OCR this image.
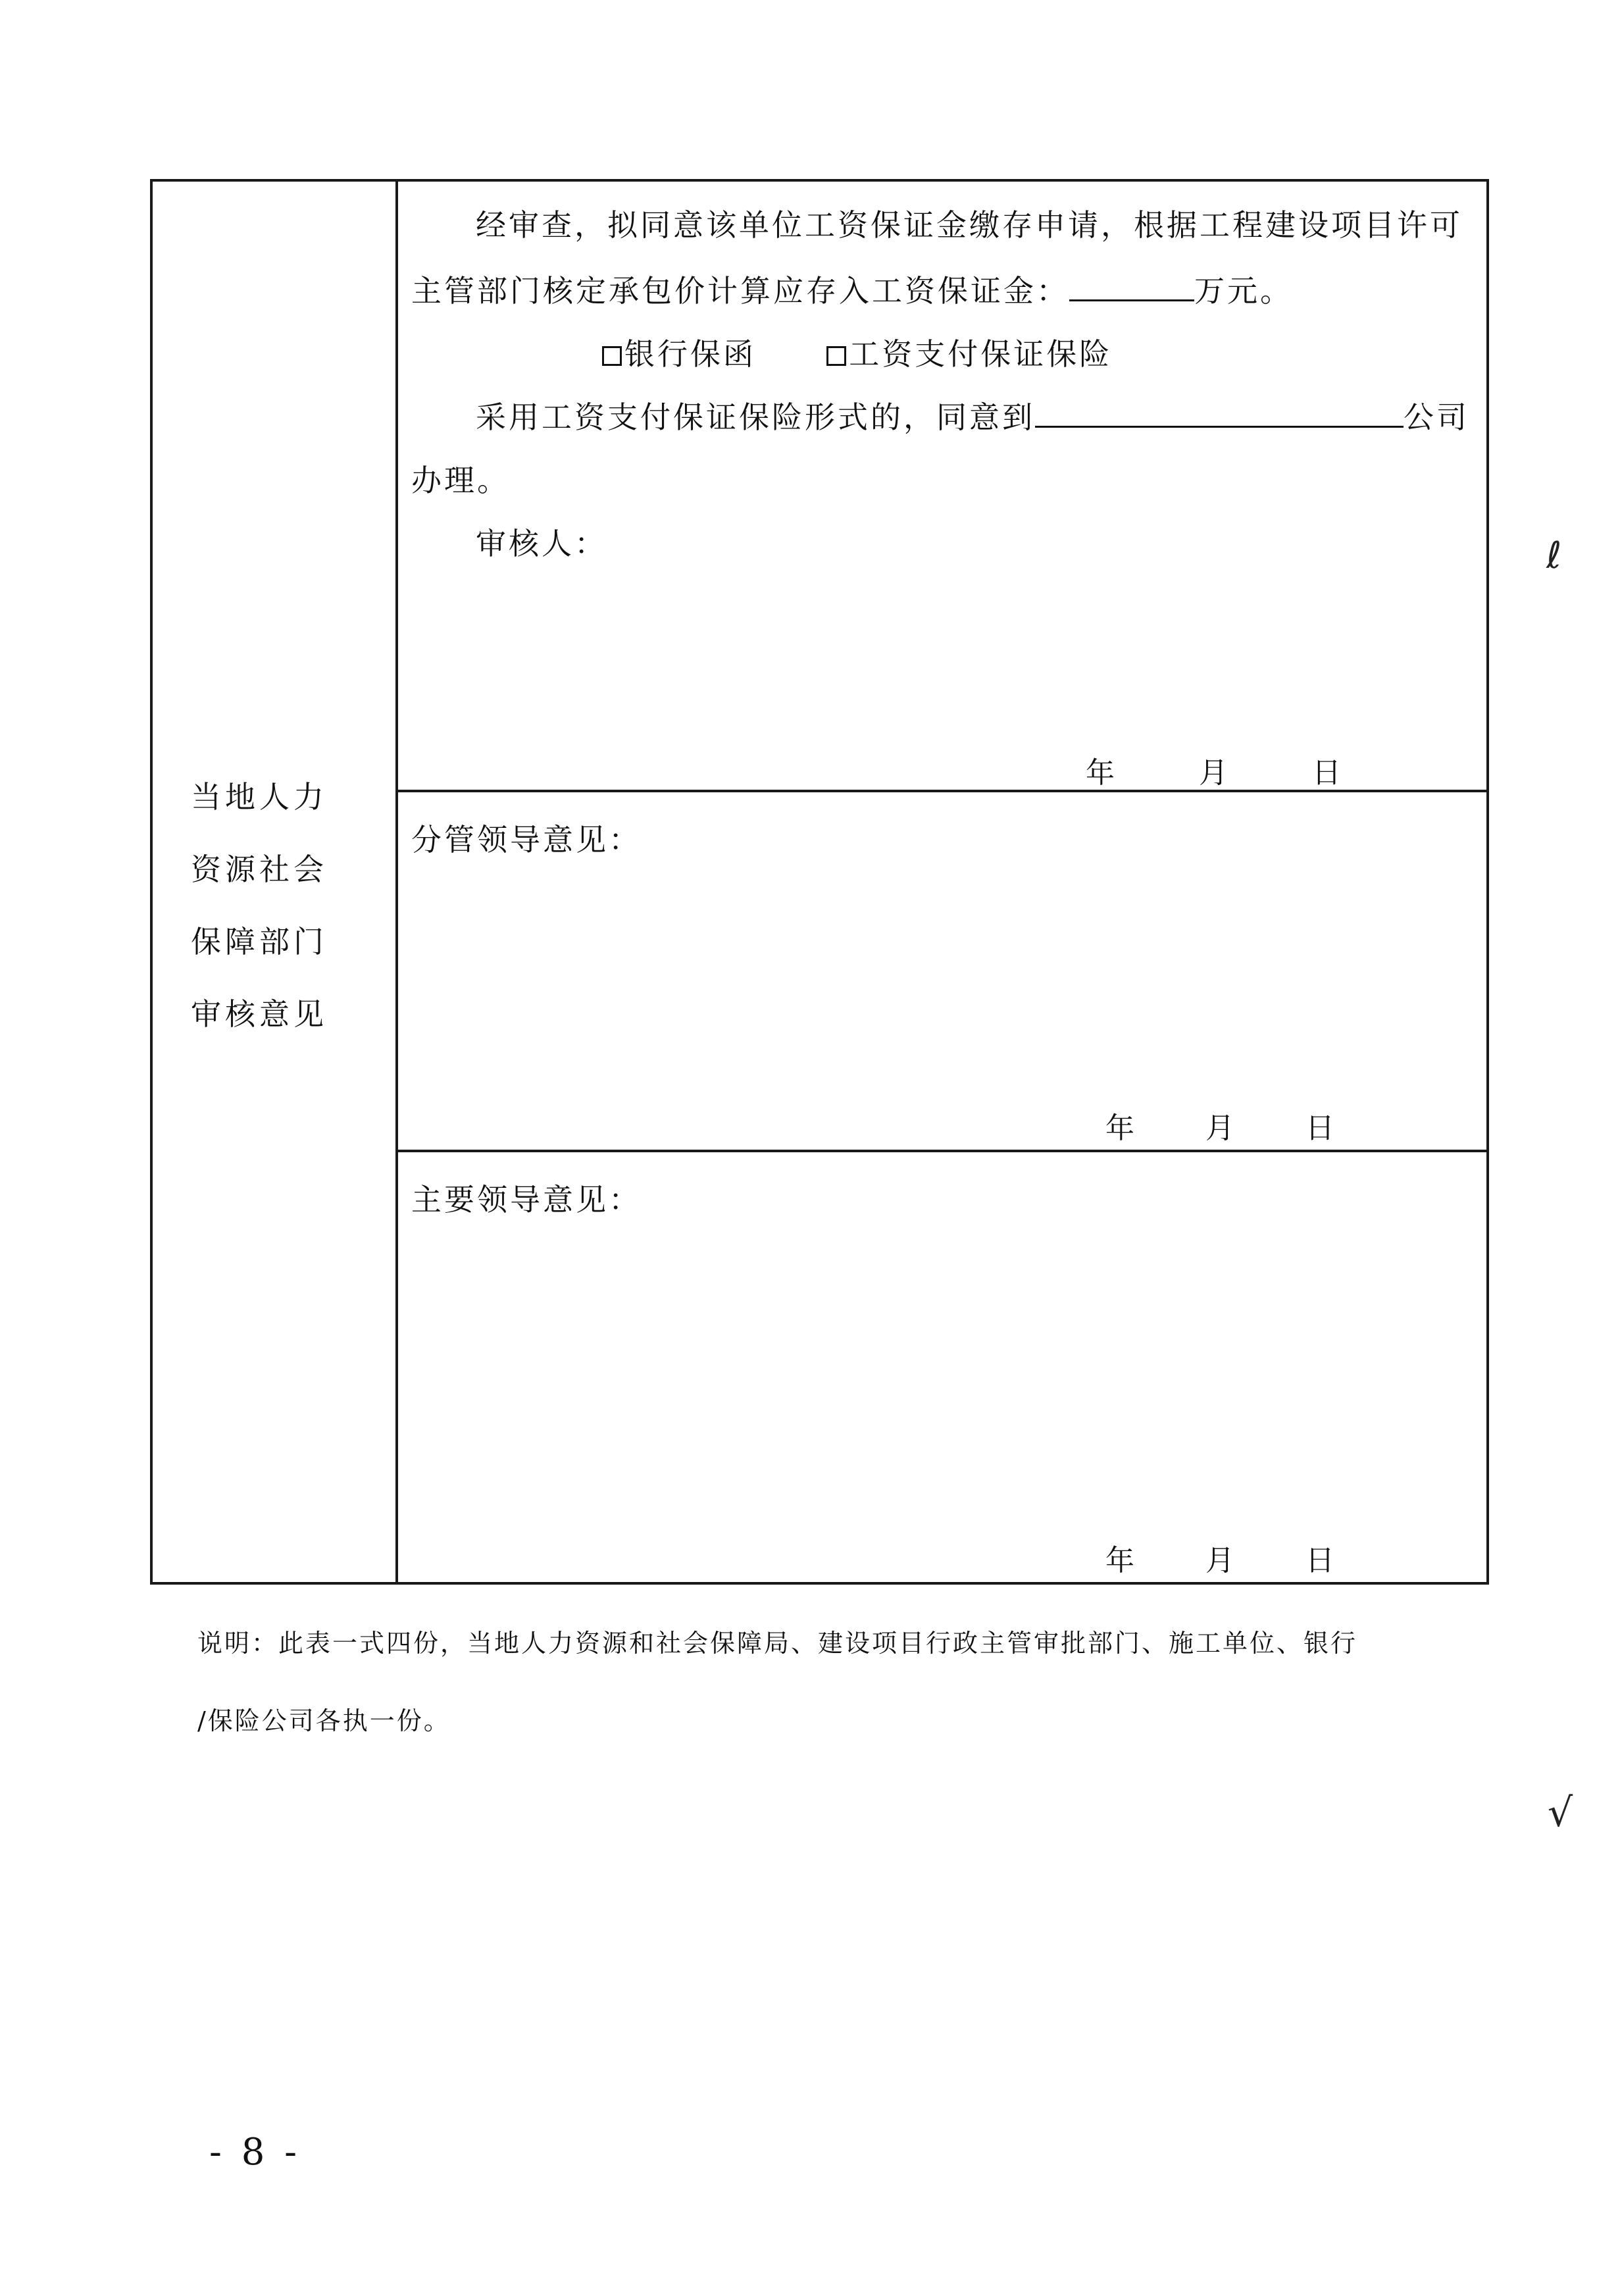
当地人力
资源社会
保障部门
审核意见
经审查，拟同意该单位工资保证金缴存申请，根据工程建设项目许可
主管部门核定承包价计算应存入工资保证金：	万元。
银行保函	工资支付保证保险
采用工资支付保证保险形式的，同意到	公司
办理。
审核人：
年	月	日
分管领导意见：
年 月 日
主要领导意见：
年 月 日
说明：此表一式四份，当地人力资源和社会保障局、建设项目行政主管审批部门、施工单位、银行
/保险公司各执一份。
- 8 -
ℓ
√
